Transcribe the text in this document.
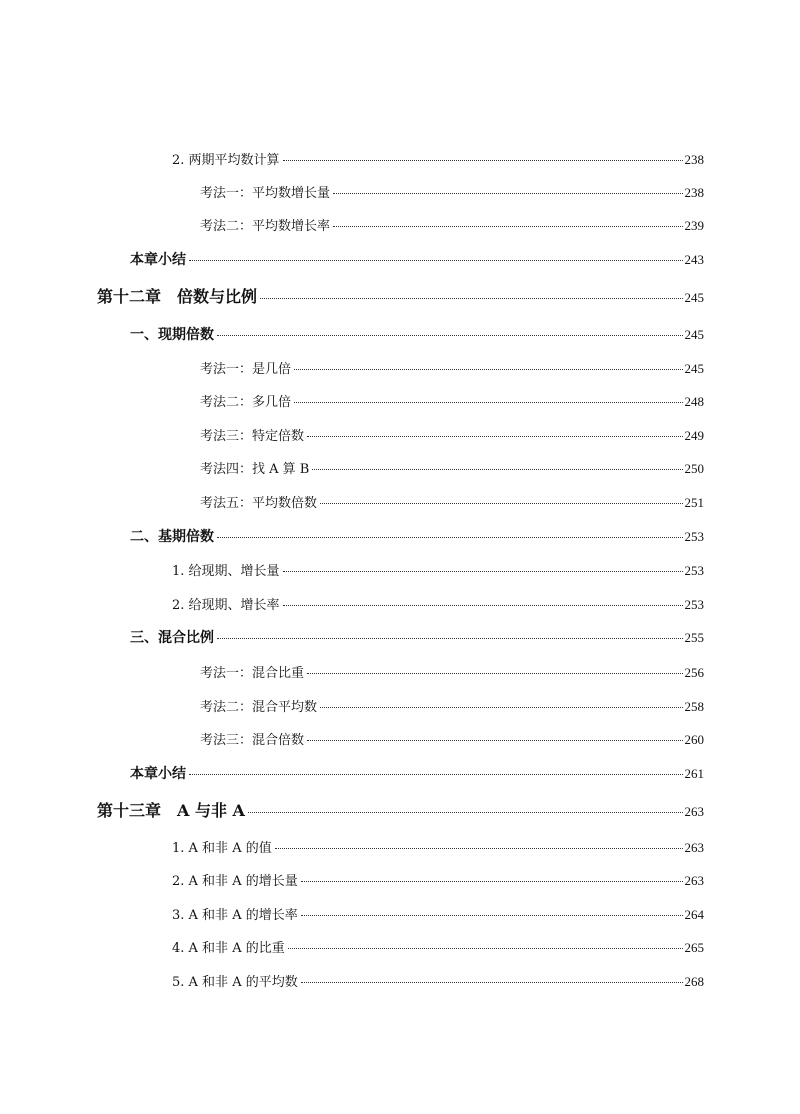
2. 两期平均数计算	238
考法一：平均数增长量	238
考法二：平均数增长率	239
本章小结	243
第十二章　倍数与比例	245
一、现期倍数	245
考法一：是几倍	245
考法二：多几倍	248
考法三：特定倍数	249
考法四：找 A 算 B	250
考法五：平均数倍数	251
二、基期倍数	253
1. 给现期、增长量	253
2. 给现期、增长率	253
三、混合比例	255
考法一：混合比重	256
考法二：混合平均数	258
考法三：混合倍数	260
本章小结	261
第十三章　A 与非 A	263
1. A 和非 A 的值	263
2. A 和非 A 的增长量	263
3. A 和非 A 的增长率	264
4. A 和非 A 的比重	265
5. A 和非 A 的平均数	268
